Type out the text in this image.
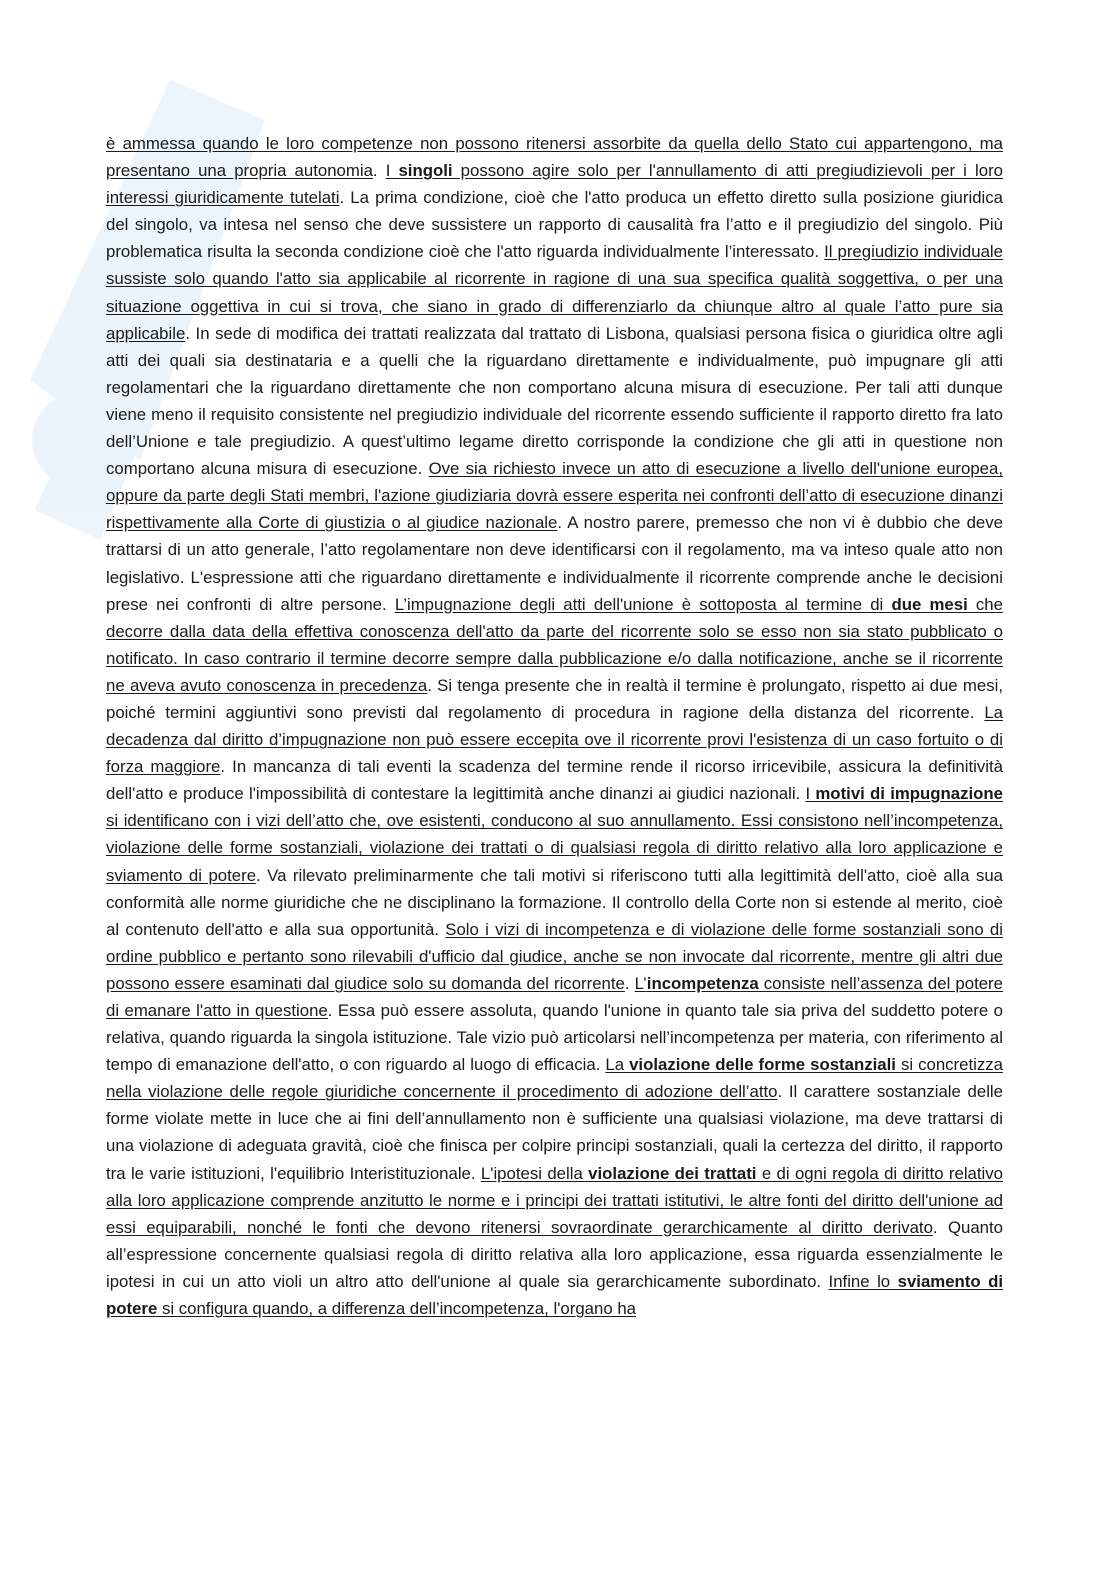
è ammessa quando le loro competenze non possono ritenersi assorbite da quella dello Stato cui appartengono, ma presentano una propria autonomia. I singoli possono agire solo per l'annullamento di atti pregiudizievoli per i loro interessi giuridicamente tutelati. La prima condizione, cioè che l'atto produca un effetto diretto sulla posizione giuridica del singolo, va intesa nel senso che deve sussistere un rapporto di causalità fra l’atto e il pregiudizio del singolo. Più problematica risulta la seconda condizione cioè che l'atto riguarda individualmente l’interessato. Il pregiudizio individuale sussiste solo quando l'atto sia applicabile al ricorrente in ragione di una sua specifica qualità soggettiva, o per una situazione oggettiva in cui si trova, che siano in grado di differenziarlo da chiunque altro al quale l’atto pure sia applicabile. In sede di modifica dei trattati realizzata dal trattato di Lisbona, qualsiasi persona fisica o giuridica oltre agli atti dei quali sia destinataria e a quelli che la riguardano direttamente e individualmente, può impugnare gli atti regolamentari che la riguardano direttamente che non comportano alcuna misura di esecuzione. Per tali atti dunque viene meno il requisito consistente nel pregiudizio individuale del ricorrente essendo sufficiente il rapporto diretto fra lato dell’Unione e tale pregiudizio. A quest’ultimo legame diretto corrisponde la condizione che gli atti in questione non comportano alcuna misura di esecuzione. Ove sia richiesto invece un atto di esecuzione a livello dell'unione europea, oppure da parte degli Stati membri, l'azione giudiziaria dovrà essere esperita nei confronti dell’atto di esecuzione dinanzi rispettivamente alla Corte di giustizia o al giudice nazionale. A nostro parere, premesso che non vi è dubbio che deve trattarsi di un atto generale, l’atto regolamentare non deve identificarsi con il regolamento, ma va inteso quale atto non legislativo. L'espressione atti che riguardano direttamente e individualmente il ricorrente comprende anche le decisioni prese nei confronti di altre persone. L’impugnazione degli atti dell'unione è sottoposta al termine di due mesi che decorre dalla data della effettiva conoscenza dell'atto da parte del ricorrente solo se esso non sia stato pubblicato o notificato. In caso contrario il termine decorre sempre dalla pubblicazione e/o dalla notificazione, anche se il ricorrente ne aveva avuto conoscenza in precedenza. Si tenga presente che in realtà il termine è prolungato, rispetto ai due mesi, poiché termini aggiuntivi sono previsti dal regolamento di procedura in ragione della distanza del ricorrente. La decadenza dal diritto d’impugnazione non può essere eccepita ove il ricorrente provi l'esistenza di un caso fortuito o di forza maggiore. In mancanza di tali eventi la scadenza del termine rende il ricorso irricevibile, assicura la definitività dell'atto e produce l'impossibilità di contestare la legittimità anche dinanzi ai giudici nazionali. I motivi di impugnazione si identificano con i vizi dell’atto che, ove esistenti, conducono al suo annullamento. Essi consistono nell’incompetenza, violazione delle forme sostanziali, violazione dei trattati o di qualsiasi regola di diritto relativo alla loro applicazione e sviamento di potere. Va rilevato preliminarmente che tali motivi si riferiscono tutti alla legittimità dell'atto, cioè alla sua conformità alle norme giuridiche che ne disciplinano la formazione. Il controllo della Corte non si estende al merito, cioè al contenuto dell'atto e alla sua opportunità. Solo i vizi di incompetenza e di violazione delle forme sostanziali sono di ordine pubblico e pertanto sono rilevabili d'ufficio dal giudice, anche se non invocate dal ricorrente, mentre gli altri due possono essere esaminati dal giudice solo su domanda del ricorrente. L’incompetenza consiste nell’assenza del potere di emanare l'atto in questione. Essa può essere assoluta, quando l'unione in quanto tale sia priva del suddetto potere o relativa, quando riguarda la singola istituzione. Tale vizio può articolarsi nell’incompetenza per materia, con riferimento al tempo di emanazione dell'atto, o con riguardo al luogo di efficacia. La violazione delle forme sostanziali si concretizza nella violazione delle regole giuridiche concernente il procedimento di adozione dell’atto. Il carattere sostanziale delle forme violate mette in luce che ai fini dell’annullamento non è sufficiente una qualsiasi violazione, ma deve trattarsi di una violazione di adeguata gravità, cioè che finisca per colpire principi sostanziali, quali la certezza del diritto, il rapporto tra le varie istituzioni, l'equilibrio Interistituzionale. L'ipotesi della violazione dei trattati e di ogni regola di diritto relativo alla loro applicazione comprende anzitutto le norme e i principi dei trattati istitutivi, le altre fonti del diritto dell'unione ad essi equiparabili, nonché le fonti che devono ritenersi sovraordinate gerarchicamente al diritto derivato. Quanto all’espressione concernente qualsiasi regola di diritto relativa alla loro applicazione, essa riguarda essenzialmente le ipotesi in cui un atto violi un altro atto dell'unione al quale sia gerarchicamente subordinato. Infine lo sviamento di potere si configura quando, a differenza dell’incompetenza, l'organo ha
